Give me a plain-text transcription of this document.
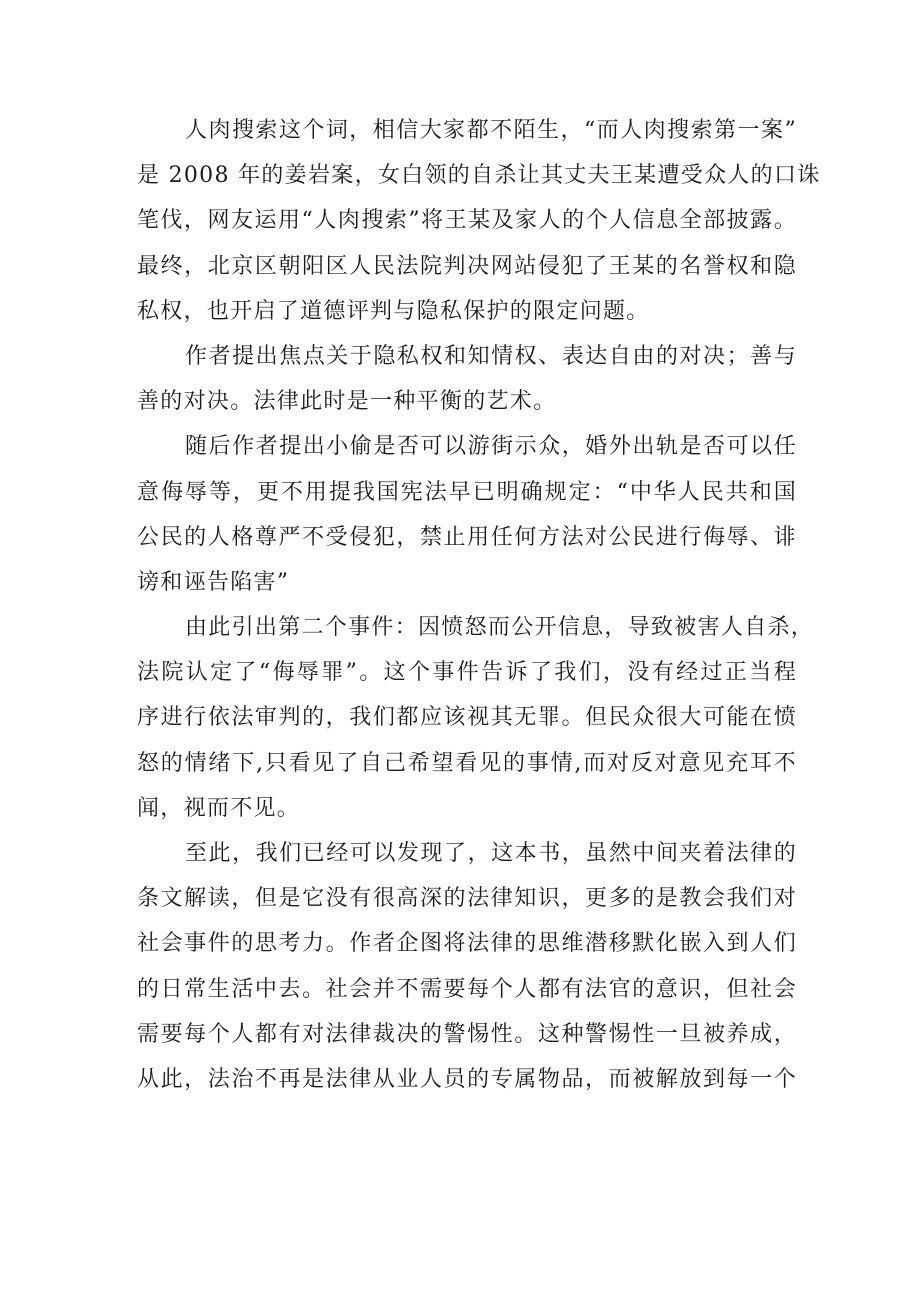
人肉搜索这个词，相信大家都不陌生，“而人肉搜索第一案”
是 2008 年的姜岩案，女白领的自杀让其丈夫王某遭受众人的口诛
笔伐，网友运用“人肉搜索”将王某及家人的个人信息全部披露。
最终，北京区朝阳区人民法院判决网站侵犯了王某的名誉权和隐
私权，也开启了道德评判与隐私保护的限定问题。
作者提出焦点关于隐私权和知情权、表达自由的对决；善与
善的对决。法律此时是一种平衡的艺术。
随后作者提出小偷是否可以游街示众，婚外出轨是否可以任
意侮辱等，更不用提我国宪法早已明确规定：“中华人民共和国
公民的人格尊严不受侵犯，禁止用任何方法对公民进行侮辱、诽
谤和诬告陷害”
由此引出第二个事件：因愤怒而公开信息，导致被害人自杀，
法院认定了“侮辱罪”。这个事件告诉了我们，没有经过正当程
序进行依法审判的，我们都应该视其无罪。但民众很大可能在愤
怒的情绪下,只看见了自己希望看见的事情,而对反对意见充耳不
闻，视而不见。
至此，我们已经可以发现了，这本书，虽然中间夹着法律的
条文解读，但是它没有很高深的法律知识，更多的是教会我们对
社会事件的思考力。作者企图将法律的思维潜移默化嵌入到人们
的日常生活中去。社会并不需要每个人都有法官的意识，但社会
需要每个人都有对法律裁决的警惕性。这种警惕性一旦被养成，
从此，法治不再是法律从业人员的专属物品，而被解放到每一个
